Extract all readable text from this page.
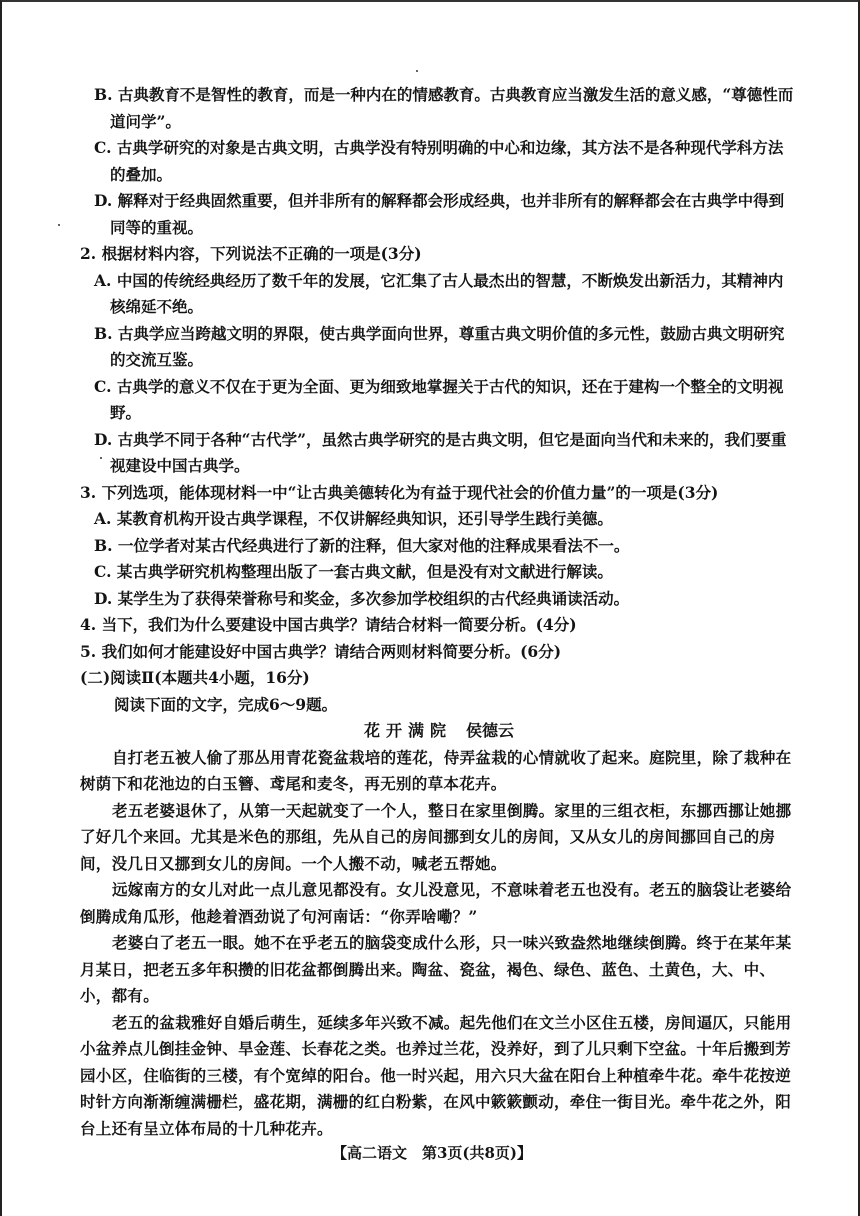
B. 古典教育不是智性的教育，而是一种内在的情感教育。古典教育应当激发生活的意义感，“尊德性而道问学”。
C. 古典学研究的对象是古典文明，古典学没有特别明确的中心和边缘，其方法不是各种现代学科方法的叠加。
D. 解释对于经典固然重要，但并非所有的解释都会形成经典，也并非所有的解释都会在古典学中得到同等的重视。
2. 根据材料内容，下列说法不正确的一项是(3分)
A. 中国的传统经典经历了数千年的发展，它汇集了古人最杰出的智慧，不断焕发出新活力，其精神内核绵延不绝。
B. 古典学应当跨越文明的界限，使古典学面向世界，尊重古典文明价值的多元性，鼓励古典文明研究的交流互鉴。
C. 古典学的意义不仅在于更为全面、更为细致地掌握关于古代的知识，还在于建构一个整全的文明视野。
D. 古典学不同于各种“古代学”，虽然古典学研究的是古典文明，但它是面向当代和未来的，我们要重视建设中国古典学。
3. 下列选项，能体现材料一中“让古典美德转化为有益于现代社会的价值力量”的一项是(3分)
A. 某教育机构开设古典学课程，不仅讲解经典知识，还引导学生践行美德。
B. 一位学者对某古代经典进行了新的注释，但大家对他的注释成果看法不一。
C. 某古典学研究机构整理出版了一套古典文献，但是没有对文献进行解读。
D. 某学生为了获得荣誉称号和奖金，多次参加学校组织的古代经典诵读活动。
4. 当下，我们为什么要建设中国古典学？请结合材料一简要分析。(4分)
5. 我们如何才能建设好中国古典学？请结合两则材料简要分析。(6分)
(二)阅读Ⅱ(本题共4小题，16分)
阅读下面的文字，完成6～9题。
花开满院 侯德云
自打老五被人偷了那丛用青花瓷盆栽培的莲花，侍弄盆栽的心情就收了起来。庭院里，除了栽种在树荫下和花池边的白玉簪、鸢尾和麦冬，再无别的草本花卉。
老五老婆退休了，从第一天起就变了一个人，整日在家里倒腾。家里的三组衣柜，东挪西挪让她挪了好几个来回。尤其是米色的那组，先从自己的房间挪到女儿的房间，又从女儿的房间挪回自己的房间，没几日又挪到女儿的房间。一个人搬不动，喊老五帮她。
远嫁南方的女儿对此一点儿意见都没有。女儿没意见，不意味着老五也没有。老五的脑袋让老婆给倒腾成角瓜形，他趁着酒劲说了句河南话：“你弄啥嘞？”
老婆白了老五一眼。她不在乎老五的脑袋变成什么形，只一味兴致盎然地继续倒腾。终于在某年某月某日，把老五多年积攒的旧花盆都倒腾出来。陶盆、瓷盆，褐色、绿色、蓝色、土黄色，大、中、小，都有。
老五的盆栽雅好自婚后萌生，延续多年兴致不减。起先他们在文兰小区住五楼，房间逼仄，只能用小盆养点儿倒挂金钟、旱金莲、长春花之类。也养过兰花，没养好，到了儿只剩下空盆。十年后搬到芳园小区，住临街的三楼，有个宽绰的阳台。他一时兴起，用六只大盆在阳台上种植牵牛花。牵牛花按逆时针方向渐渐缠满栅栏，盛花期，满栅的红白粉紫，在风中簌簌颤动，牵住一街目光。牵牛花之外，阳台上还有呈立体布局的十几种花卉。
【高二语文　第3页(共8页)】
